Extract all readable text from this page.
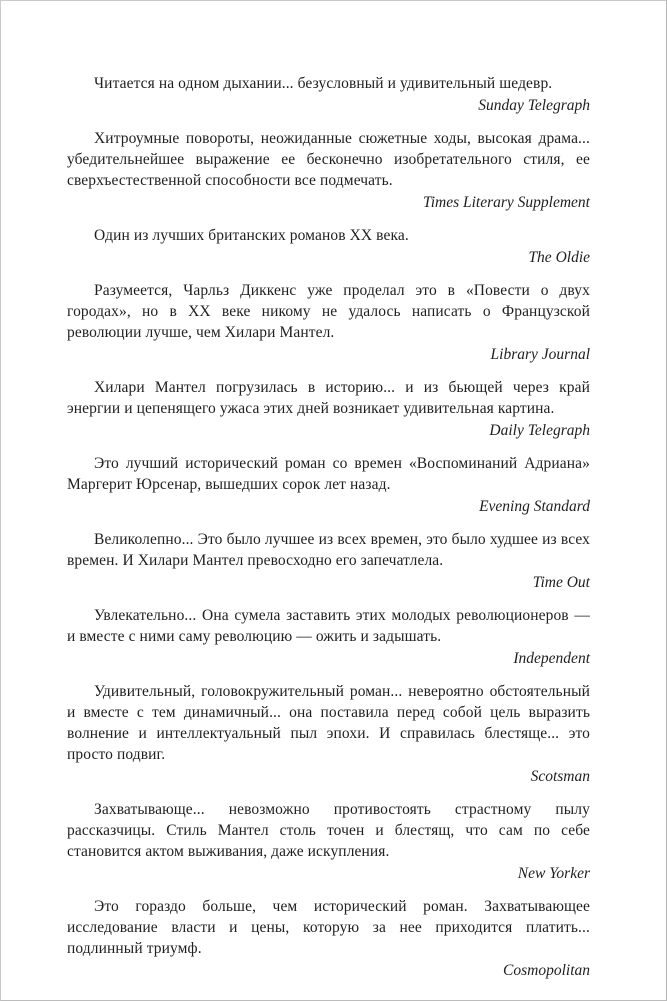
Читается на одном дыхании... безусловный и удивительный шедевр.

Sunday Telegraph

Хитроумные повороты, неожиданные сюжетные ходы, высокая драма... убедительнейшее выражение ее бесконечно изобретательного стиля, ее сверхъестественной способности все подмечать.

Times Literary Supplement

Один из лучших британских романов XX века.

The Oldie

Разумеется, Чарльз Диккенс уже проделал это в «Повести о двух городах», но в XX веке никому не удалось написать о Французской революции лучше, чем Хилари Мантел.

Library Journal

Хилари Мантел погрузилась в историю... и из бьющей через край энергии и цепенящего ужаса этих дней возникает удивительная картина.

Daily Telegraph

Это лучший исторический роман со времен «Воспоминаний Адриана» Маргерит Юрсенар, вышедших сорок лет назад.

Evening Standard

Великолепно... Это было лучшее из всех времен, это было худшее из всех времен. И Хилари Мантел превосходно его запечатлела.

Time Out

Увлекательно... Она сумела заставить этих молодых революционеров — и вместе с ними саму революцию — ожить и задышать.

Independent

Удивительный, головокружительный роман... невероятно обстоятельный и вместе с тем динамичный... она поставила перед собой цель выразить волнение и интеллектуальный пыл эпохи. И справилась блестяще... это просто подвиг.

Scotsman

Захватывающе... невозможно противостоять страстному пылу рассказчицы. Стиль Мантел столь точен и блестящ, что сам по себе становится актом выживания, даже искупления.

New Yorker

Это гораздо больше, чем исторический роман. Захватывающее исследование власти и цены, которую за нее приходится платить... подлинный триумф.

Cosmopolitan
